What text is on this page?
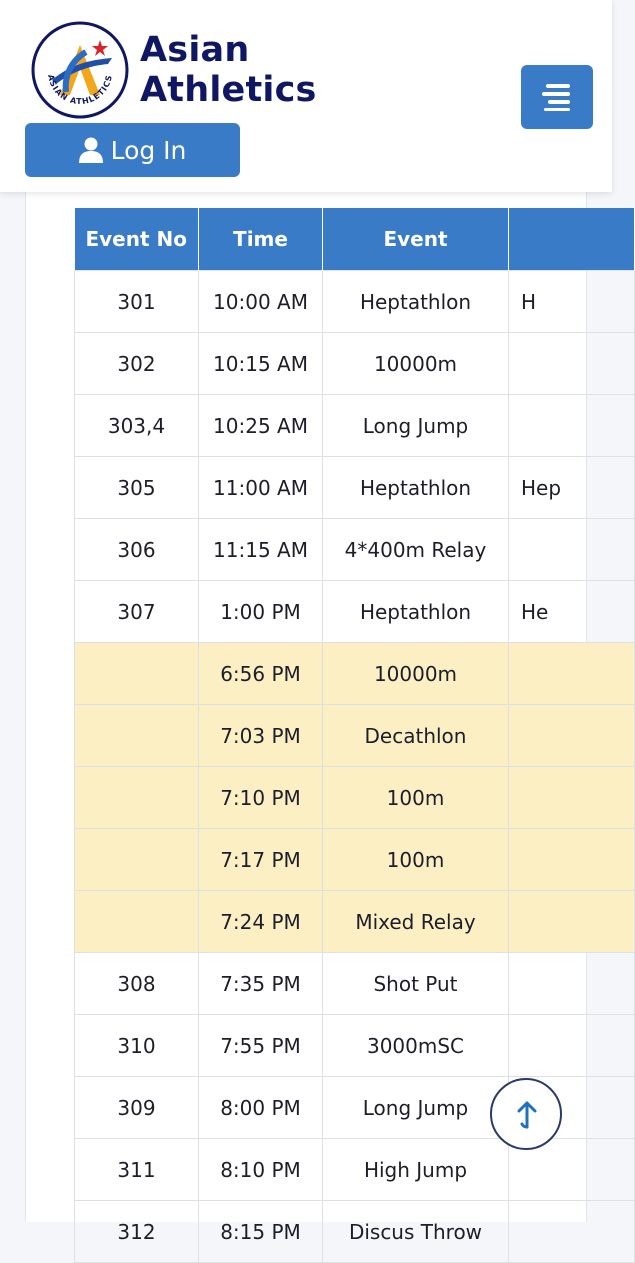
ASIAN ATHLETICS
Asian
Athletics
Log In
Event No	Time	Event	
301	10:00 AM	Heptathlon	H
302	10:15 AM	10000m	
303,4	10:25 AM	Long Jump	
305	11:00 AM	Heptathlon	Hep
306	11:15 AM	4*400m Relay	
307	1:00 PM	Heptathlon	He
	6:56 PM	10000m	
	7:03 PM	Decathlon	
	7:10 PM	100m	
	7:17 PM	100m	
	7:24 PM	Mixed Relay	
308	7:35 PM	Shot Put	
310	7:55 PM	3000mSC	
309	8:00 PM	Long Jump	
311	8:10 PM	High Jump	
312	8:15 PM	Discus Throw	
